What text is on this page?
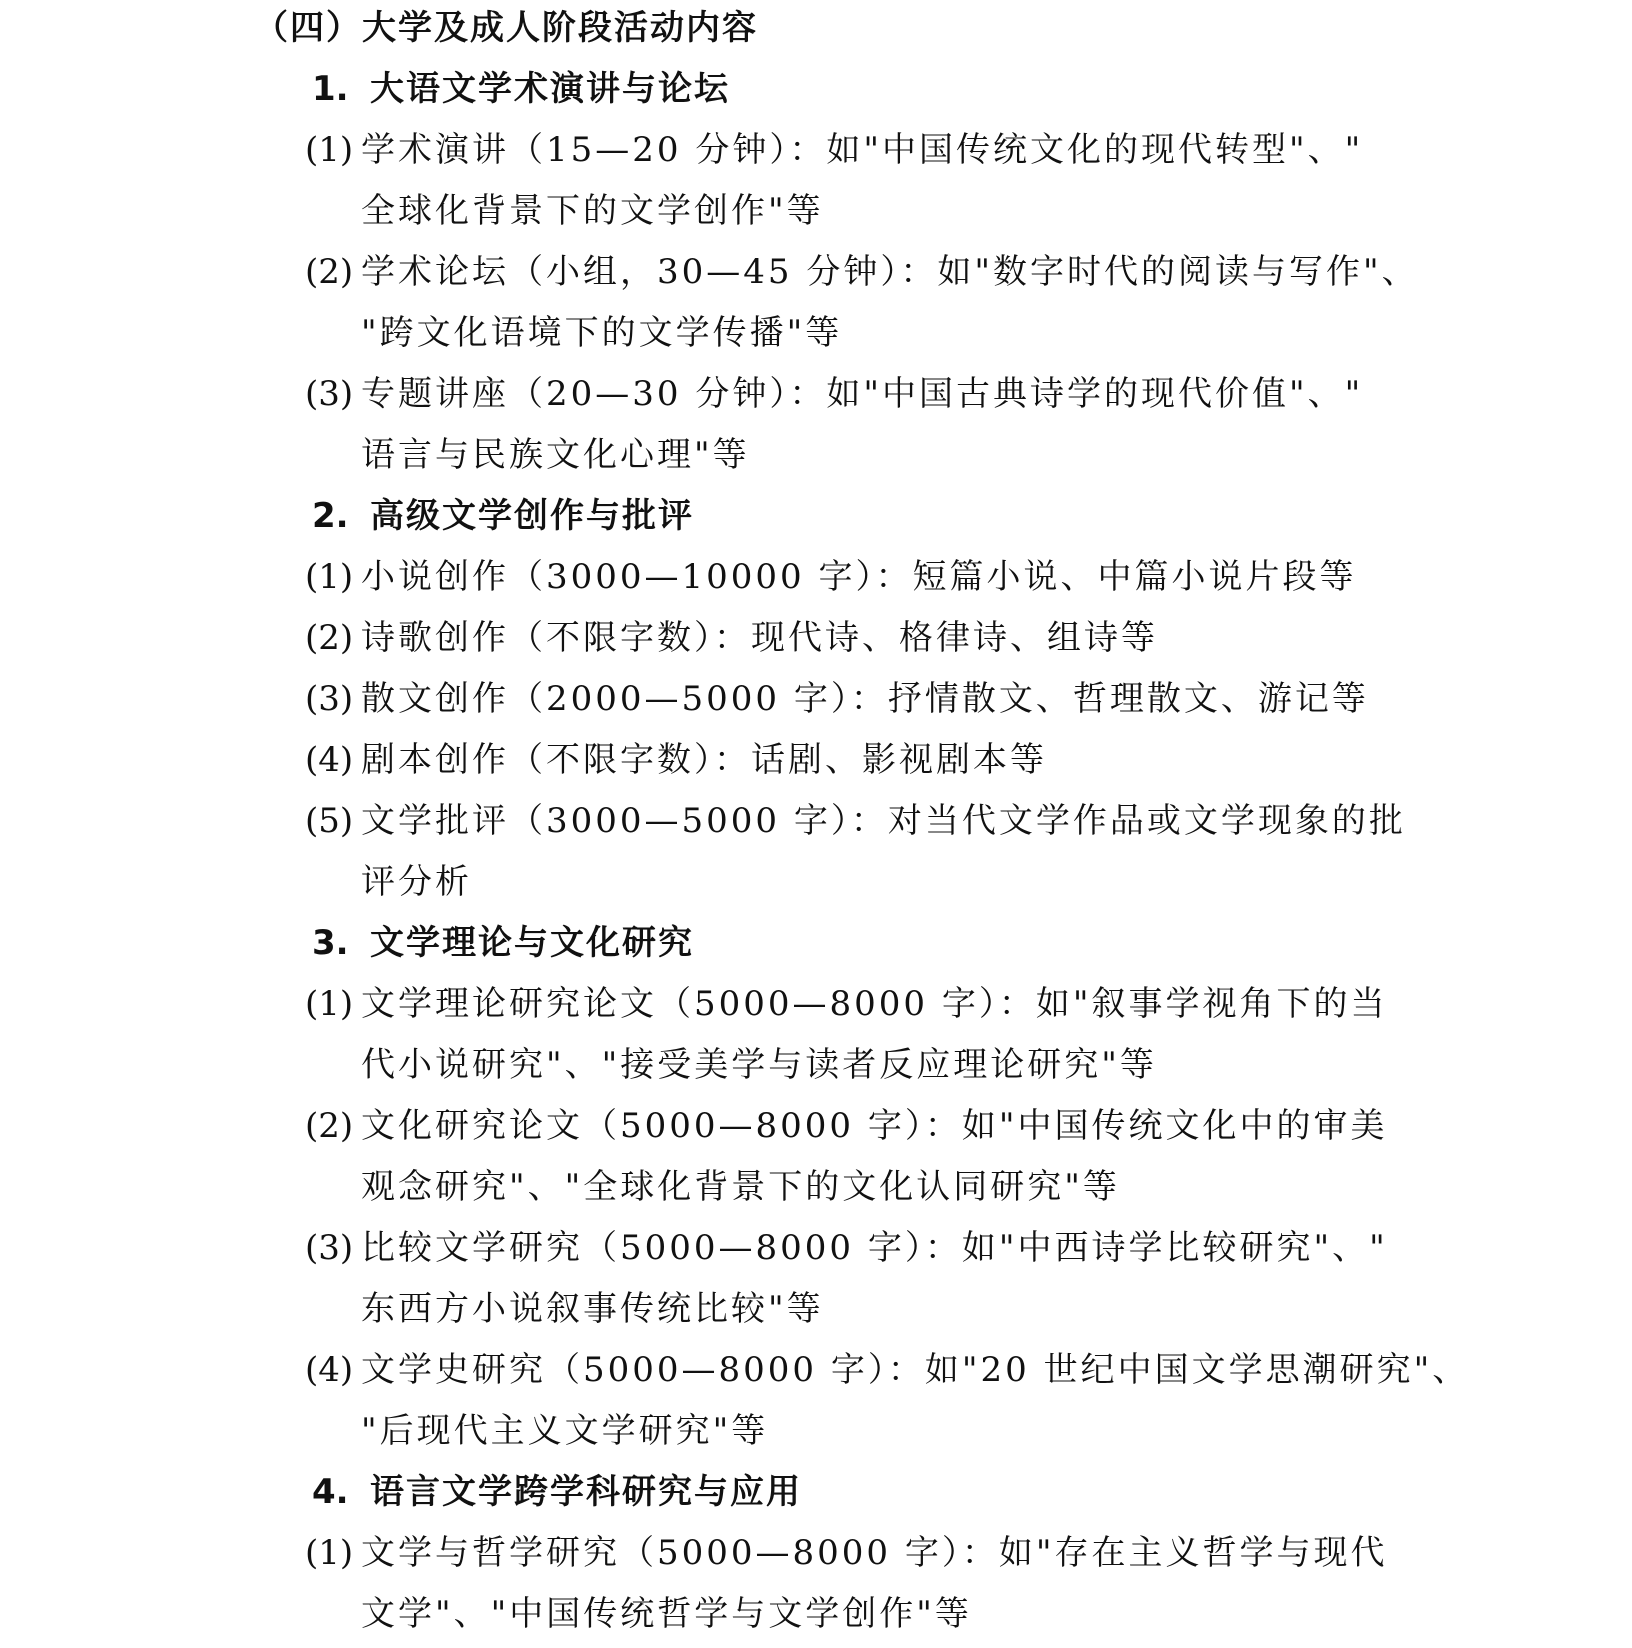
（四）大学及成人阶段活动内容
1. 大语文学术演讲与论坛
(1) 学术演讲（15—20 分钟）：如"中国传统文化的现代转型"、"
全球化背景下的文学创作"等
(2) 学术论坛（小组，30—45 分钟）：如"数字时代的阅读与写作"、
"跨文化语境下的文学传播"等
(3) 专题讲座（20—30 分钟）：如"中国古典诗学的现代价值"、"
语言与民族文化心理"等
2. 高级文学创作与批评
(1) 小说创作（3000—10000 字）：短篇小说、中篇小说片段等
(2) 诗歌创作（不限字数）：现代诗、格律诗、组诗等
(3) 散文创作（2000—5000 字）：抒情散文、哲理散文、游记等
(4) 剧本创作（不限字数）：话剧、影视剧本等
(5) 文学批评（3000—5000 字）：对当代文学作品或文学现象的批
评分析
3. 文学理论与文化研究
(1) 文学理论研究论文（5000—8000 字）：如"叙事学视角下的当
代小说研究"、"接受美学与读者反应理论研究"等
(2) 文化研究论文（5000—8000 字）：如"中国传统文化中的审美
观念研究"、"全球化背景下的文化认同研究"等
(3) 比较文学研究（5000—8000 字）：如"中西诗学比较研究"、"
东西方小说叙事传统比较"等
(4) 文学史研究（5000—8000 字）：如"20 世纪中国文学思潮研究"、
"后现代主义文学研究"等
4. 语言文学跨学科研究与应用
(1) 文学与哲学研究（5000—8000 字）：如"存在主义哲学与现代
文学"、"中国传统哲学与文学创作"等
